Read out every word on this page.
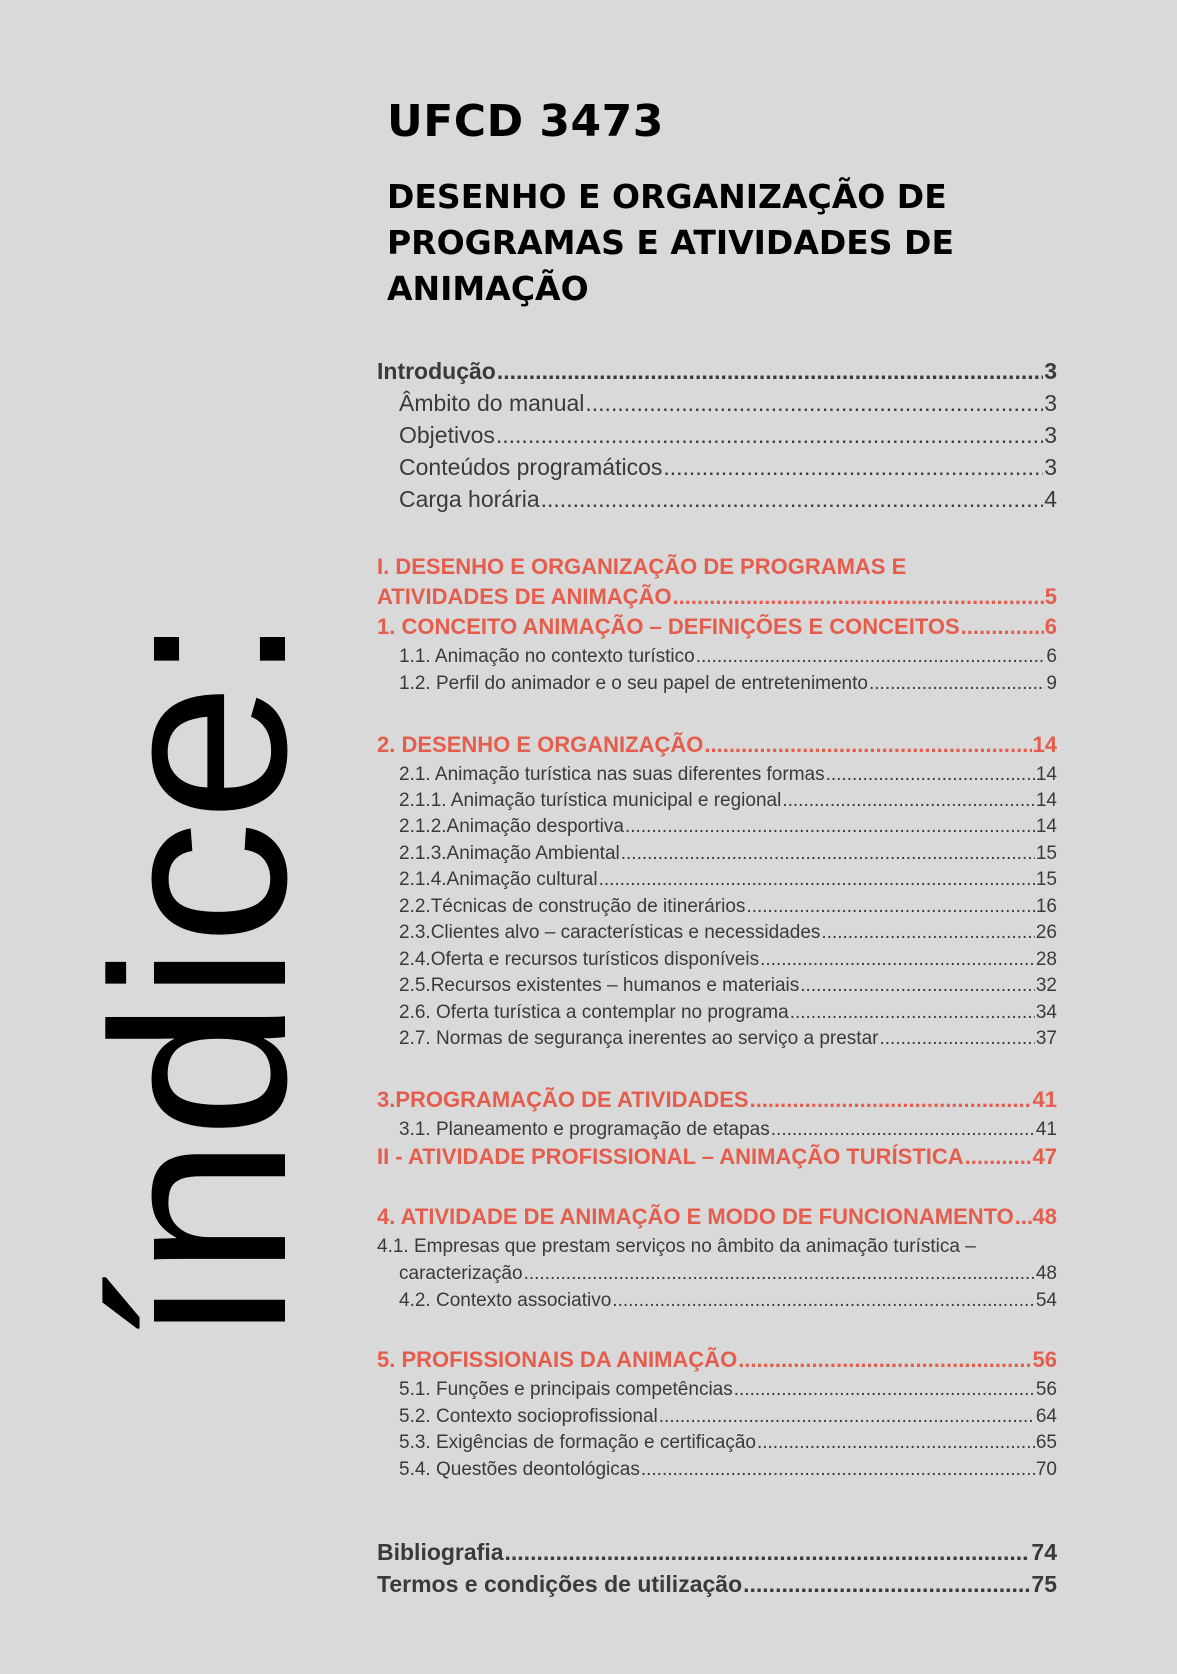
índice:

UFCD 3473

DESENHO E ORGANIZAÇÃO DE
PROGRAMAS E ATIVIDADES DE
ANIMAÇÃO

Introdução .....	3
Âmbito do manual .....	3
Objetivos .....	3
Conteúdos programáticos .....	3
Carga horária .....	4
I. DESENHO E ORGANIZAÇÃO DE PROGRAMAS E
ATIVIDADES DE ANIMAÇÃO .....	5
1. CONCEITO ANIMAÇÃO – DEFINIÇÕES E CONCEITOS .....	6
1.1. Animação no contexto turístico .....	6
1.2. Perfil do animador e o seu papel de entretenimento .....	9
2. DESENHO E ORGANIZAÇÃO .....	14
2.1. Animação turística nas suas diferentes formas .....	14
2.1.1. Animação turística municipal e regional .....	14
2.1.2.Animação desportiva .....	14
2.1.3.Animação Ambiental .....	15
2.1.4.Animação cultural .....	15
2.2.Técnicas de construção de itinerários .....	16
2.3.Clientes alvo – características e necessidades .....	26
2.4.Oferta e recursos turísticos disponíveis .....	28
2.5.Recursos existentes – humanos e materiais .....	32
2.6. Oferta turística a contemplar no programa .....	34
2.7. Normas de segurança inerentes ao serviço a prestar .....	37
3.PROGRAMAÇÃO DE ATIVIDADES .....	41
3.1. Planeamento e programação de etapas .....	41
II - ATIVIDADE PROFISSIONAL – ANIMAÇÃO TURÍSTICA .....	47
4. ATIVIDADE DE ANIMAÇÃO E MODO DE FUNCIONAMENTO ..... 48
4.1. Empresas que prestam serviços no âmbito da animação turística –
caracterização .....	48
4.2. Contexto associativo .....	54
5. PROFISSIONAIS DA ANIMAÇÃO .....	56
5.1. Funções e principais competências .....	56
5.2. Contexto socioprofissional .....	64
5.3. Exigências de formação e certificação .....	65
5.4. Questões deontológicas .....	70
Bibliografia .....	74
Termos e condições de utilização .....	75
